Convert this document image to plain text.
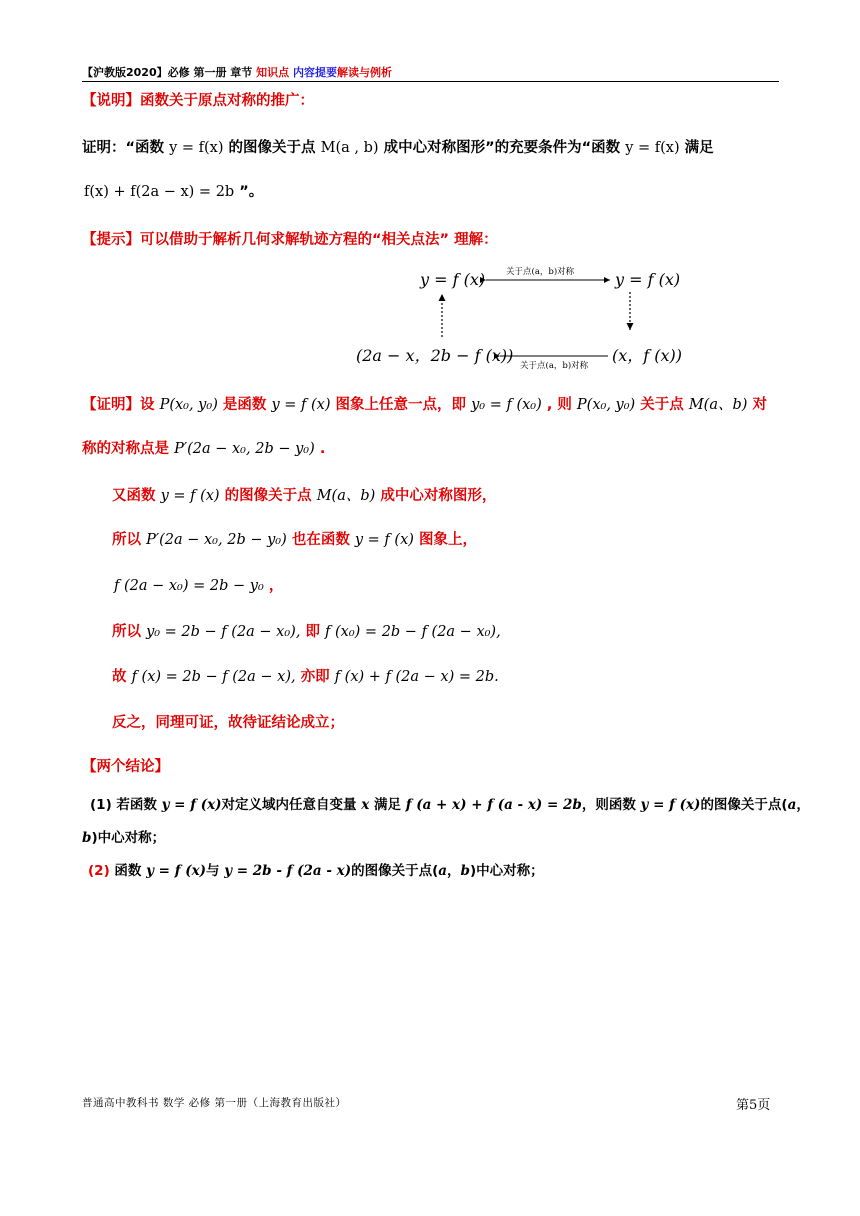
【沪教版2020】必修 第一册 章节 知识点 内容提要解读与例析
【说明】函数关于原点对称的推广：
证明：“函数 y = f(x) 的图像关于点 M(a , b) 成中心对称图形”的充要条件为“函数 y = f(x) 满足
f(x) + f(2a − x) = 2b ”。
【提示】可以借助于解析几何求解轨迹方程的“相关点法” 理解：
y = f (x) 关于点(a，b)对称	y = f (x)
(2a − x，2b − f (x))
关于点(a，b)对称
(x，f (x))
【证明】设 P(x₀, y₀) 是函数 y = f (x) 图象上任意一点，即 y₀ = f (x₀) , 则 P(x₀, y₀) 关于点 M(a、b) 对
称的对称点是 P′(2a − x₀, 2b − y₀) .
又函数 y = f (x) 的图像关于点 M(a、b) 成中心对称图形，
所以 P′(2a − x₀, 2b − y₀) 也在函数 y = f (x) 图象上，
f (2a − x₀) = 2b − y₀ ，
所以 y₀ = 2b − f (2a − x₀), 即 f (x₀) = 2b − f (2a − x₀),
故 f (x) = 2b − f (2a − x), 亦即 f (x) + f (2a − x) = 2b.
反之，同理可证，故待证结论成立；
【两个结论】
(1) 若函数 y = f (x)对定义域内任意自变量 x 满足 f (a + x) + f (a - x) = 2b，则函数 y = f (x)的图像关于点(a，
b)中心对称；
(2) 函数 y = f (x)与 y = 2b - f (2a - x)的图像关于点(a，b)中心对称；
普通高中教科书 数学 必修 第一册（上海教育出版社）	第5页
